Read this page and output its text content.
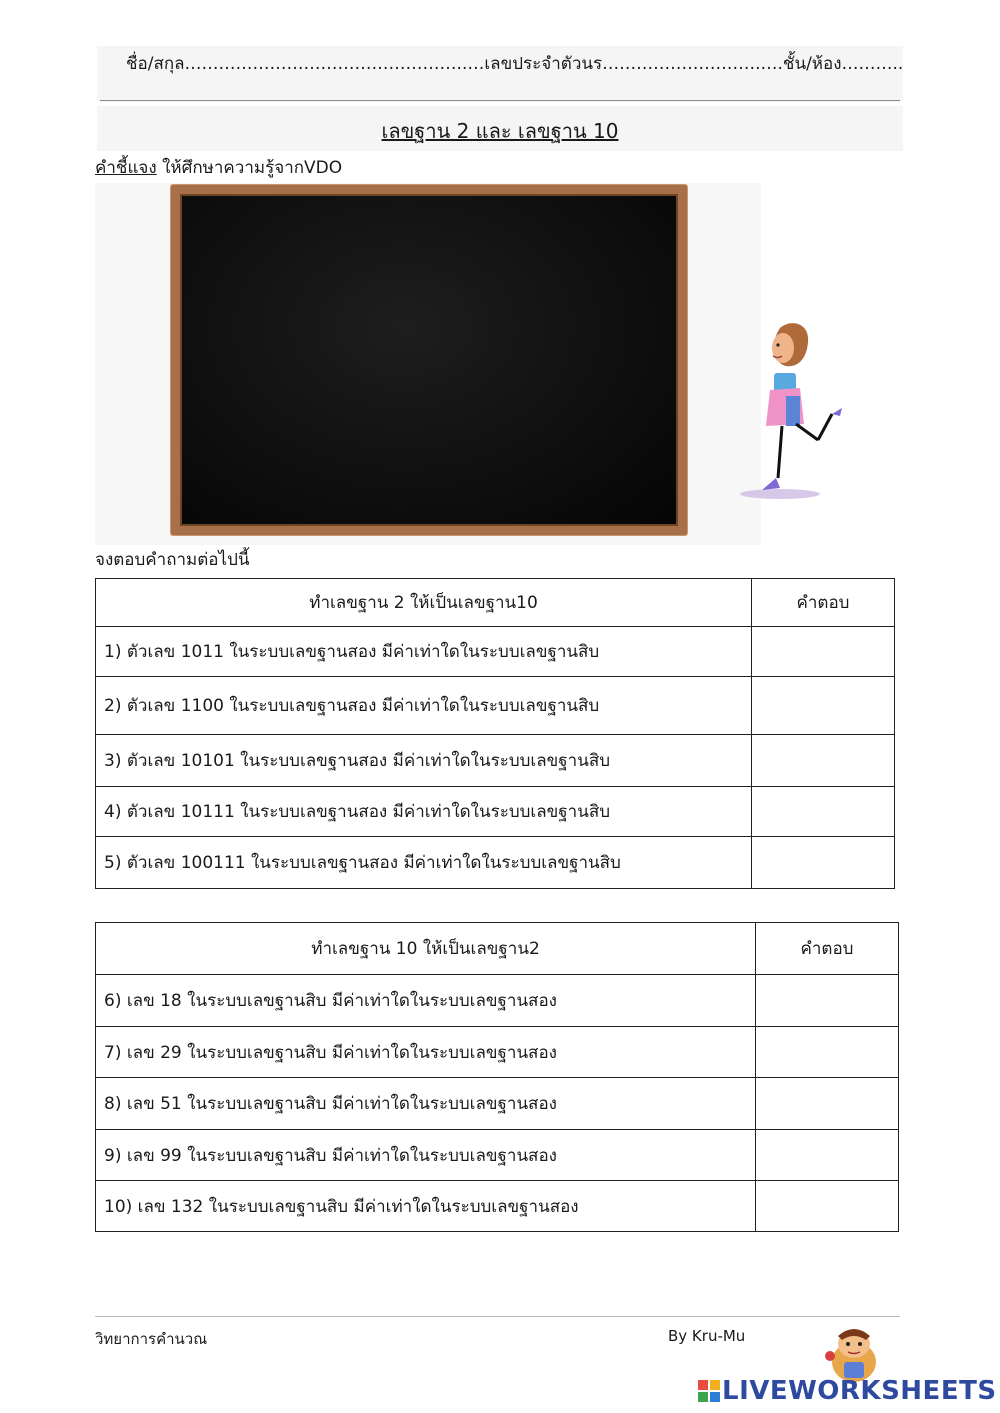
ชื่อ/สกุล…………………………………………..…เลขประจำตัวนร……………………….….ชั้น/ห้อง………..
เลขฐาน 2 และ เลขฐาน 10
คำชี้แจง ให้ศึกษาความรู้จากVDO
จงตอบคำถามต่อไปนี้
ทำเลขฐาน 2 ให้เป็นเลขฐาน10	คำตอบ
1) ตัวเลข 1011 ในระบบเลขฐานสอง มีค่าเท่าใดในระบบเลขฐานสิบ	
2) ตัวเลข 1100 ในระบบเลขฐานสอง มีค่าเท่าใดในระบบเลขฐานสิบ	
3) ตัวเลข 10101 ในระบบเลขฐานสอง มีค่าเท่าใดในระบบเลขฐานสิบ	
4) ตัวเลข 10111 ในระบบเลขฐานสอง มีค่าเท่าใดในระบบเลขฐานสิบ	
5) ตัวเลข 100111 ในระบบเลขฐานสอง มีค่าเท่าใดในระบบเลขฐานสิบ	
ทำเลขฐาน 10 ให้เป็นเลขฐาน2	คำตอบ
6) เลข 18 ในระบบเลขฐานสิบ มีค่าเท่าใดในระบบเลขฐานสอง	
7) เลข 29 ในระบบเลขฐานสิบ มีค่าเท่าใดในระบบเลขฐานสอง	
8) เลข 51 ในระบบเลขฐานสิบ มีค่าเท่าใดในระบบเลขฐานสอง	
9) เลข 99 ในระบบเลขฐานสิบ มีค่าเท่าใดในระบบเลขฐานสอง	
10) เลข 132 ในระบบเลขฐานสิบ มีค่าเท่าใดในระบบเลขฐานสอง	
วิทยาการคำนวณ	By Kru-Mu
LIVEWORKSHEETS
